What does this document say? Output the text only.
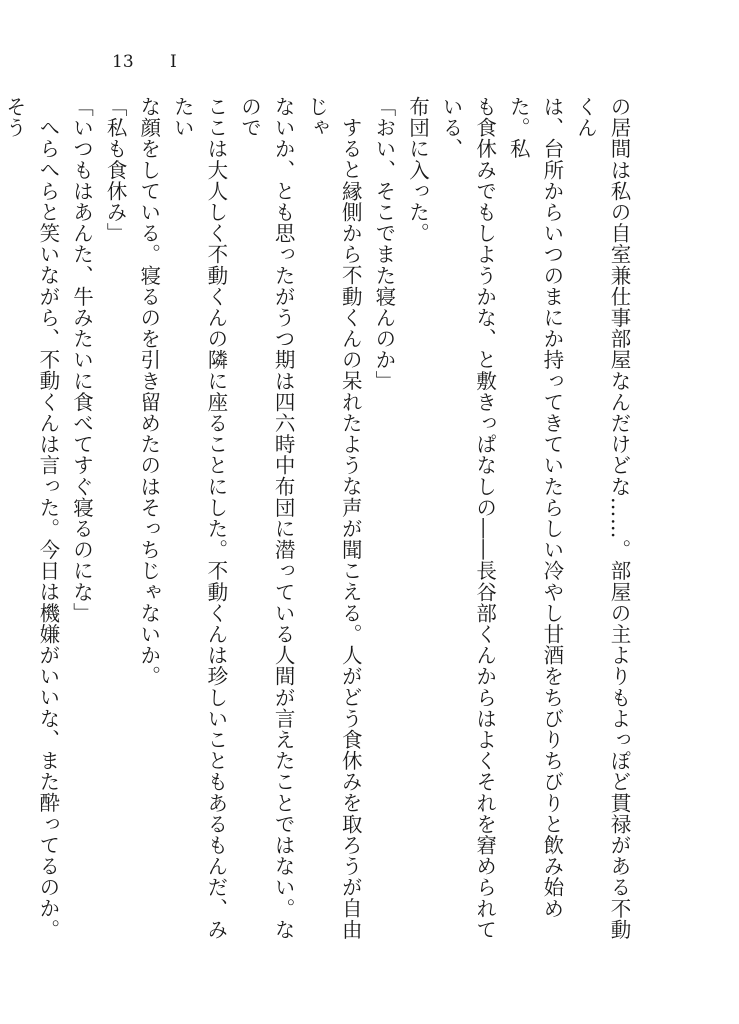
13 I

の居間は私の自室兼仕事部屋なんだけどな……。部屋の主よりもよっぽど貫禄がある不動くん

は、台所からいつのまにか持ってきていたらしい冷やし甘酒をちびりちびりと飲み始めた。私

も食休みでもしようかな、と敷きっぱなしの――長谷部くんからはよくそれを窘められている、

布団に入った。

「おい、そこでまた寝んのか」

すると縁側から不動くんの呆れたような声が聞こえる。人がどう食休みを取ろうが自由じゃ

ないか、とも思ったがうつ期は四六時中布団に潜っている人間が言えたことではない。なので

ここは大人しく不動くんの隣に座ることにした。不動くんは珍しいこともあるもんだ、みたい

な顔をしている。寝るのを引き留めたのはそっちじゃないか。

「私も食休み」

「いつもはあんた、牛みたいに食べてすぐ寝るのにな」

へらへらと笑いながら、不動くんは言った。今日は機嫌がいいな、また酔ってるのか。そう
